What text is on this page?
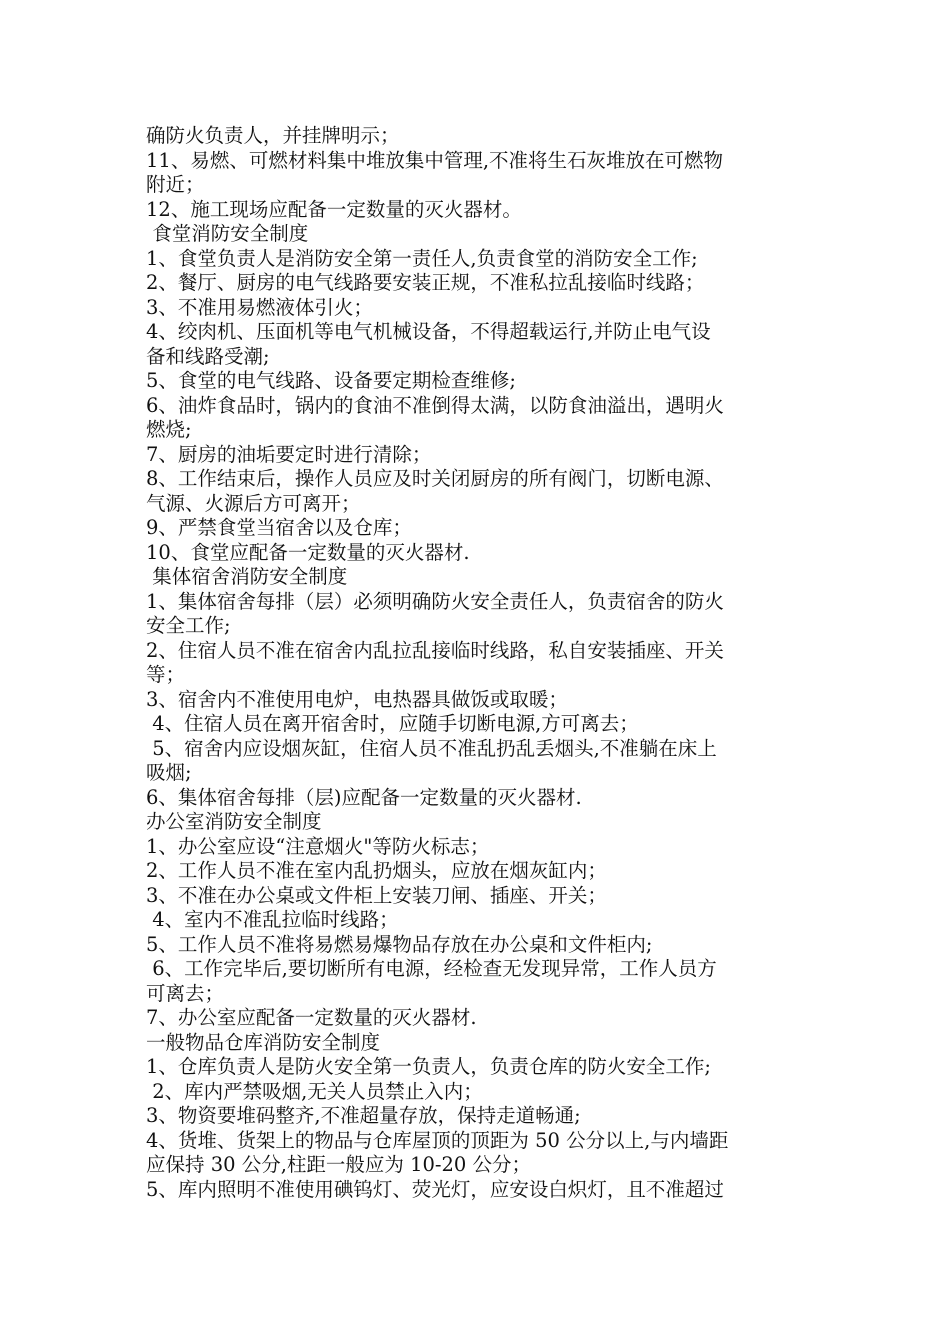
确防火负责人，并挂牌明示；
11、易燃、可燃材料集中堆放集中管理,不准将生石灰堆放在可燃物
附近；
12、施工现场应配备一定数量的灭火器材。
食堂消防安全制度
1、食堂负责人是消防安全第一责任人,负责食堂的消防安全工作;
2、餐厅、厨房的电气线路要安装正规，不准私拉乱接临时线路；
3、不准用易燃液体引火；
4、绞肉机、压面机等电气机械设备，不得超载运行,并防止电气设
备和线路受潮;
5、食堂的电气线路、设备要定期检查维修;
6、油炸食品时，锅内的食油不准倒得太满，以防食油溢出，遇明火
燃烧;
7、厨房的油垢要定时进行清除；
8、工作结束后，操作人员应及时关闭厨房的所有阀门，切断电源、
气源、火源后方可离开；
9、严禁食堂当宿舍以及仓库；
10、食堂应配备一定数量的灭火器材.
集体宿舍消防安全制度
1、集体宿舍每排（层）必须明确防火安全责任人，负责宿舍的防火
安全工作;
2、住宿人员不准在宿舍内乱拉乱接临时线路，私自安装插座、开关
等；
3、宿舍内不准使用电炉，电热器具做饭或取暖；
4、住宿人员在离开宿舍时，应随手切断电源,方可离去；
5、宿舍内应设烟灰缸，住宿人员不准乱扔乱丢烟头,不准躺在床上
吸烟;
6、集体宿舍每排（层)应配备一定数量的灭火器材.
办公室消防安全制度
1、办公室应设“注意烟火"等防火标志；
2、工作人员不准在室内乱扔烟头，应放在烟灰缸内；
3、不准在办公桌或文件柜上安装刀闸、插座、开关；
4、室内不准乱拉临时线路；
5、工作人员不准将易燃易爆物品存放在办公桌和文件柜内;
6、工作完毕后,要切断所有电源，经检查无发现异常，工作人员方
可离去；
7、办公室应配备一定数量的灭火器材.
一般物品仓库消防安全制度
1、仓库负责人是防火安全第一负责人，负责仓库的防火安全工作;
2、库内严禁吸烟,无关人员禁止入内；
3、物资要堆码整齐,不准超量存放，保持走道畅通;
4、货堆、货架上的物品与仓库屋顶的顶距为 50 公分以上,与内墙距
应保持 30 公分,柱距一般应为 10-20 公分；
5、库内照明不准使用碘钨灯、荧光灯，应安设白炽灯，且不准超过
